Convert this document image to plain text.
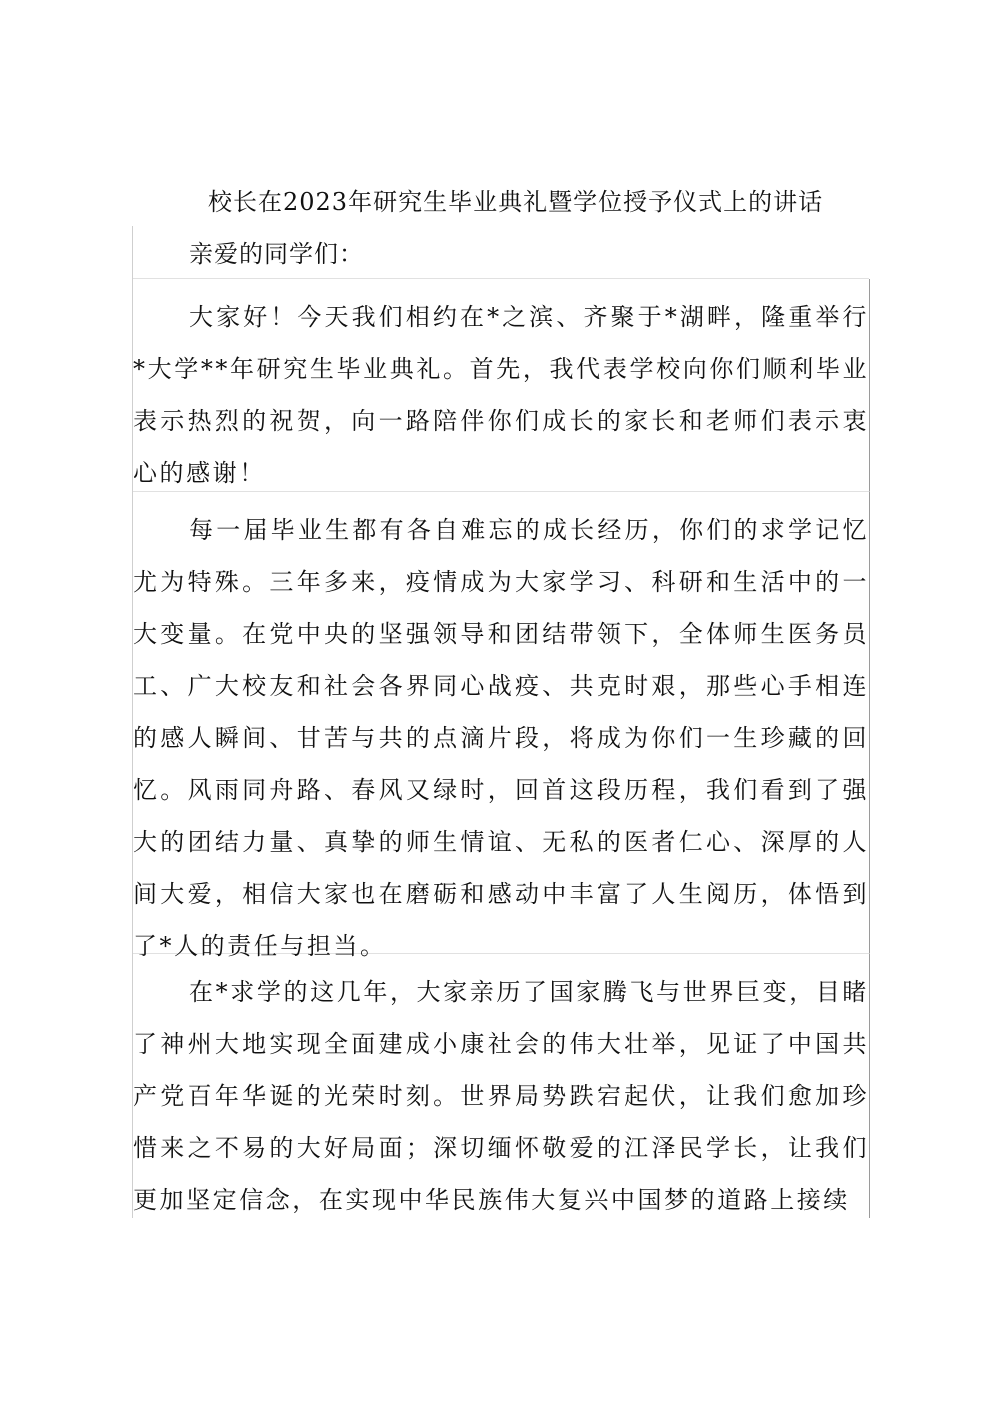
校长在2023年研究生毕业典礼暨学位授予仪式上的讲话
亲爱的同学们：

大家好！今天我们相约在*之滨、齐聚于*湖畔，隆重举行*大学**年研究生毕业典礼。首先，我代表学校向你们顺利毕业表示热烈的祝贺，向一路陪伴你们成长的家长和老师们表示衷心的感谢！

每一届毕业生都有各自难忘的成长经历，你们的求学记忆尤为特殊。三年多来，疫情成为大家学习、科研和生活中的一大变量。在党中央的坚强领导和团结带领下，全体师生医务员工、广大校友和社会各界同心战疫、共克时艰，那些心手相连的感人瞬间、甘苦与共的点滴片段，将成为你们一生珍藏的回忆。风雨同舟路、春风又绿时，回首这段历程，我们看到了强大的团结力量、真挚的师生情谊、无私的医者仁心、深厚的人间大爱，相信大家也在磨砺和感动中丰富了人生阅历，体悟到了*人的责任与担当。

在*求学的这几年，大家亲历了国家腾飞与世界巨变，目睹了神州大地实现全面建成小康社会的伟大壮举，见证了中国共产党百年华诞的光荣时刻。世界局势跌宕起伏，让我们愈加珍惜来之不易的大好局面；深切缅怀敬爱的江泽民学长，让我们更加坚定信念，在实现中华民族伟大复兴中国梦的道路上接续
